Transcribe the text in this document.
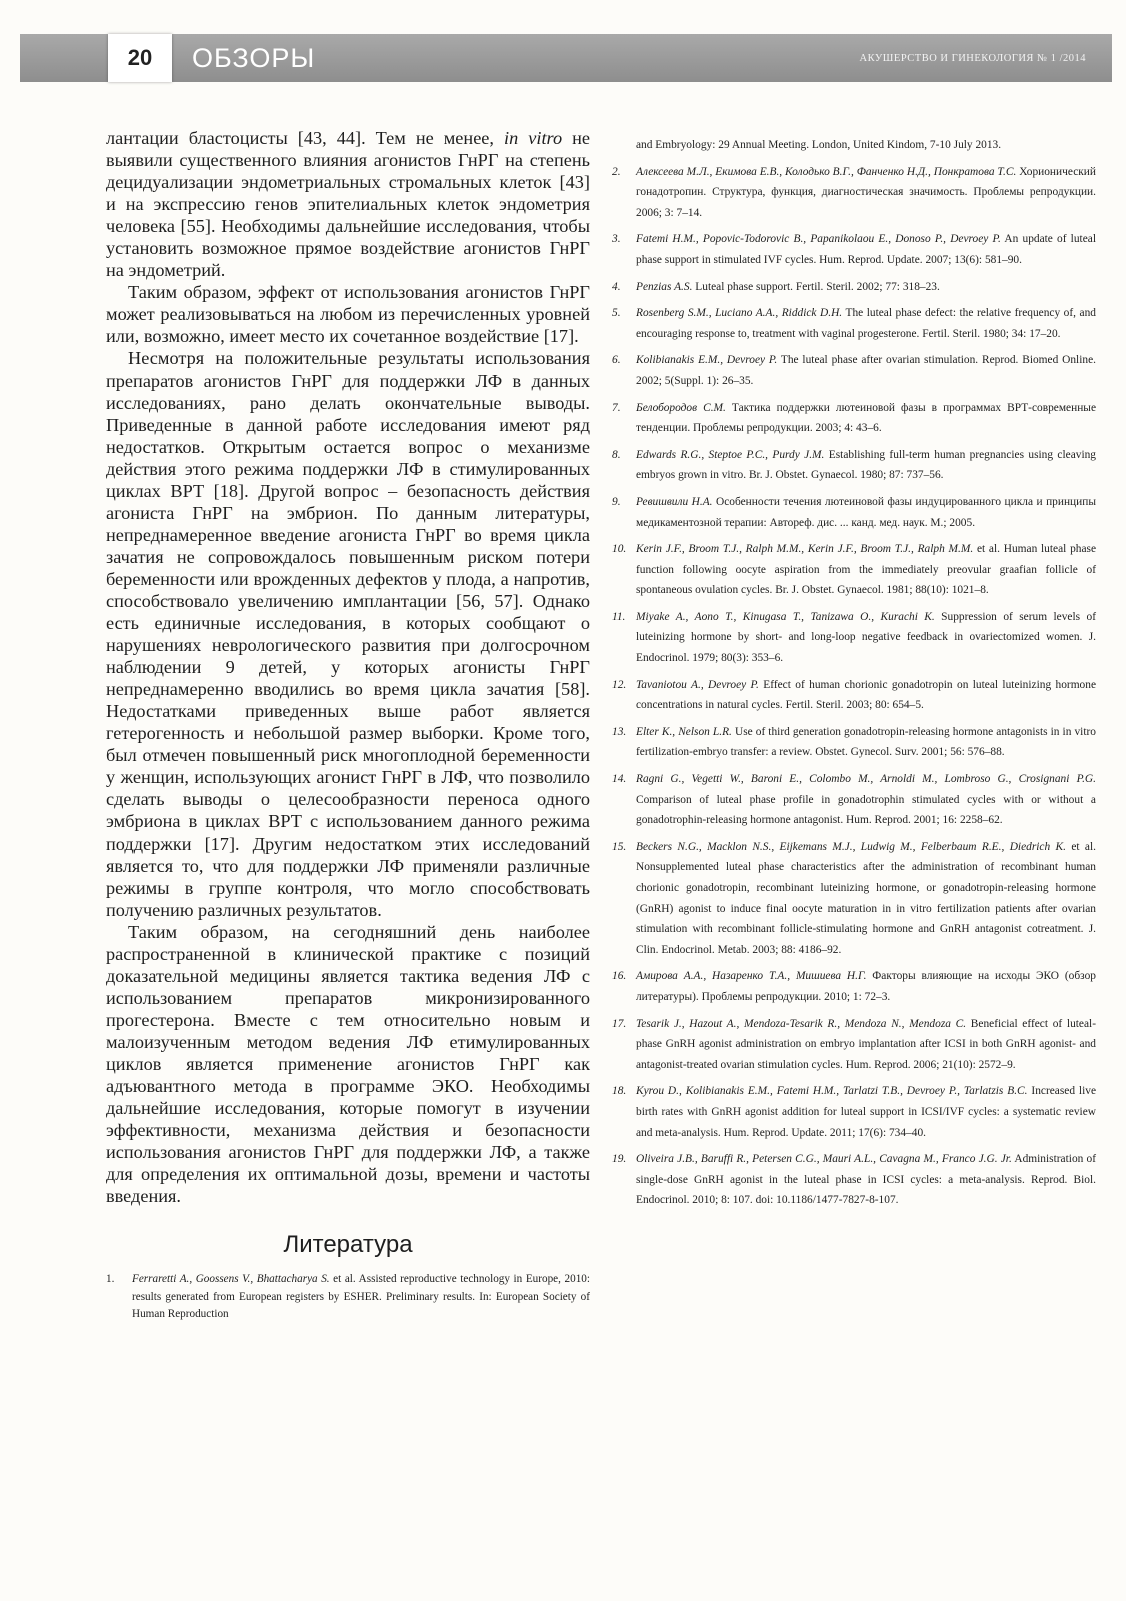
20	ОБЗОРЫ	АКУШЕРСТВО И ГИНЕКОЛОГИЯ № 1 /2014

лантации бластоцисты [43, 44]. Тем не менее, in vitro не выявили существенного влияния агонистов ГнРГ на степень децидуализации эндометриальных стромальных клеток [43] и на экспрессию генов эпителиальных клеток эндометрия человека [55]. Необходимы дальнейшие исследования, чтобы установить возможное прямое воздействие агонистов ГнРГ на эндометрий.

Таким образом, эффект от использования агонистов ГнРГ может реализовываться на любом из перечисленных уровней или, возможно, имеет место их сочетанное воздействие [17].

Несмотря на положительные результаты использования препаратов агонистов ГнРГ для поддержки ЛФ в данных исследованиях, рано делать окончательные выводы. Приведенные в данной работе исследования имеют ряд недостатков. Открытым остается вопрос о механизме действия этого режима поддержки ЛФ в стимулированных циклах ВРТ [18]. Другой вопрос – безопасность действия агониста ГнРГ на эмбрион. По данным литературы, непреднамеренное введение агониста ГнРГ во время цикла зачатия не сопровождалось повышенным риском потери беременности или врожденных дефектов у плода, а напротив, способствовало увеличению имплантации [56, 57]. Однако есть единичные исследования, в которых сообщают о нарушениях неврологического развития при долгосрочном наблюдении 9 детей, у которых агонисты ГнРГ непреднамеренно вводились во время цикла зачатия [58]. Недостатками приведенных выше работ является гетерогенность и небольшой размер выборки. Кроме того, был отмечен повышенный риск многоплодной беременности у женщин, использующих агонист ГнРГ в ЛФ, что позволило сделать выводы о целесообразности переноса одного эмбриона в циклах ВРТ с использованием данного режима поддержки [17]. Другим недостатком этих исследований является то, что для поддержки ЛФ применяли различные режимы в группе контроля, что могло способствовать получению различных результатов.

Таким образом, на сегодняшний день наиболее распространенной в клинической практике с позиций доказательной медицины является тактика ведения ЛФ с использованием препаратов микронизированного прогестерона. Вместе с тем относительно новым и малоизученным методом ведения ЛФ етимулированных циклов является применение агонистов ГнРГ как адъювантного метода в программе ЭКО. Необходимы дальнейшие исследования, которые помогут в изучении эффективности, механизма действия и безопасности использования агонистов ГнРГ для поддержки ЛФ, а также для определения их оптимальной дозы, времени и частоты введения.

Литература
1.	Ferraretti A., Goossens V., Bhattacharya S. et al. Assisted reproductive technology in Europe, 2010: results generated from European registers by ESHER. Preliminary results. In: European Society of Human Reproduction
and Embryology: 29 Annual Meeting. London, United Kindom, 7-10 July 2013.
2.	Алексеева М.Л., Екимова Е.В., Колодько В.Г., Фанченко Н.Д., Понкратова Т.С. Хорионический гонадотропин. Структура, функция, диагностическая значимость. Проблемы репродукции. 2006; 3: 7–14.
3.	Fatemi H.M., Popovic-Todorovic B., Papanikolaou E., Donoso P., Devroey P. An update of luteal phase support in stimulated IVF cycles. Hum. Reprod. Update. 2007; 13(6): 581–90.
4.	Penzias A.S. Luteal phase support. Fertil. Steril. 2002; 77: 318–23.
5.	Rosenberg S.M., Luciano A.A., Riddick D.H. The luteal phase defect: the relative frequency of, and encouraging response to, treatment with vaginal progesterone. Fertil. Steril. 1980; 34: 17–20.
6.	Kolibianakis E.M., Devroey P. The luteal phase after ovarian stimulation. Reprod. Biomed Online. 2002; 5(Suppl. 1): 26–35.
7.	Белобородов С.М. Тактика поддержки лютеиновой фазы в программах ВРТ-современные тенденции. Проблемы репродукции. 2003; 4: 43–6.
8.	Edwards R.G., Steptoe P.C., Purdy J.M. Establishing full-term human pregnancies using cleaving embryos grown in vitro. Br. J. Obstet. Gynaecol. 1980; 87: 737–56.
9.	Ревишвили Н.А. Особенности течения лютеиновой фазы индуцированного цикла и принципы медикаментозной терапии: Автореф. дис. ... канд. мед. наук. М.; 2005.
10. Kerin J.F., Broom T.J., Ralph M.M., Kerin J.F., Broom T.J., Ralph M.M. et al. Human luteal phase function following oocyte aspiration from the immediately preovular graafian follicle of spontaneous ovulation cycles. Br. J. Obstet. Gynaecol. 1981; 88(10): 1021–8.
11. Miyake A., Aono T., Kinugasa T., Tanizawa O., Kurachi K. Suppression of serum levels of luteinizing hormone by short- and long-loop negative feedback in ovariectomized women. J. Endocrinol. 1979; 80(3): 353–6.
12. Tavaniotou A., Devroey P. Effect of human chorionic gonadotropin on luteal luteinizing hormone concentrations in natural cycles. Fertil. Steril. 2003; 80: 654–5.
13. Elter K., Nelson L.R. Use of third generation gonadotropin-releasing hormone antagonists in in vitro fertilization-embryo transfer: a review. Obstet. Gynecol. Surv. 2001; 56: 576–88.
14. Ragni G., Vegetti W., Baroni E., Colombo M., Arnoldi M., Lombroso G., Crosignani P.G. Comparison of luteal phase profile in gonadotrophin stimulated cycles with or without a gonadotrophin-releasing hormone antagonist. Hum. Reprod. 2001; 16: 2258–62.
15. Beckers N.G., Macklon N.S., Eijkemans M.J., Ludwig M., Felberbaum R.E., Diedrich K. et al. Nonsupplemented luteal phase characteristics after the administration of recombinant human chorionic gonadotropin, recombinant luteinizing hormone, or gonadotropin-releasing hormone (GnRH) agonist to induce final oocyte maturation in in vitro fertilization patients after ovarian stimulation with recombinant follicle-stimulating hormone and GnRH antagonist cotreatment. J. Clin. Endocrinol. Metab. 2003; 88: 4186–92.
16. Амирова А.А., Назаренко Т.А., Мишиева Н.Г. Факторы влияющие на исходы ЭКО (обзор литературы). Проблемы репродукции. 2010; 1: 72–3.
17. Tesarik J., Hazout A., Mendoza-Tesarik R., Mendoza N., Mendoza C. Beneficial effect of luteal-phase GnRH agonist administration on embryo implantation after ICSI in both GnRH agonist- and antagonist-treated ovarian stimulation cycles. Hum. Reprod. 2006; 21(10): 2572–9.
18. Kyrou D., Kolibianakis E.M., Fatemi H.M., Tarlatzi T.B., Devroey P., Tarlatzis B.C. Increased live birth rates with GnRH agonist addition for luteal support in ICSI/IVF cycles: a systematic review and meta-analysis. Hum. Reprod. Update. 2011; 17(6): 734–40.
19. Oliveira J.B., Baruffi R., Petersen C.G., Mauri A.L., Cavagna M., Franco J.G. Jr. Administration of single-dose GnRH agonist in the luteal phase in ICSI cycles: a meta-analysis. Reprod. Biol. Endocrinol. 2010; 8: 107. doi: 10.1186/1477-7827-8-107.
